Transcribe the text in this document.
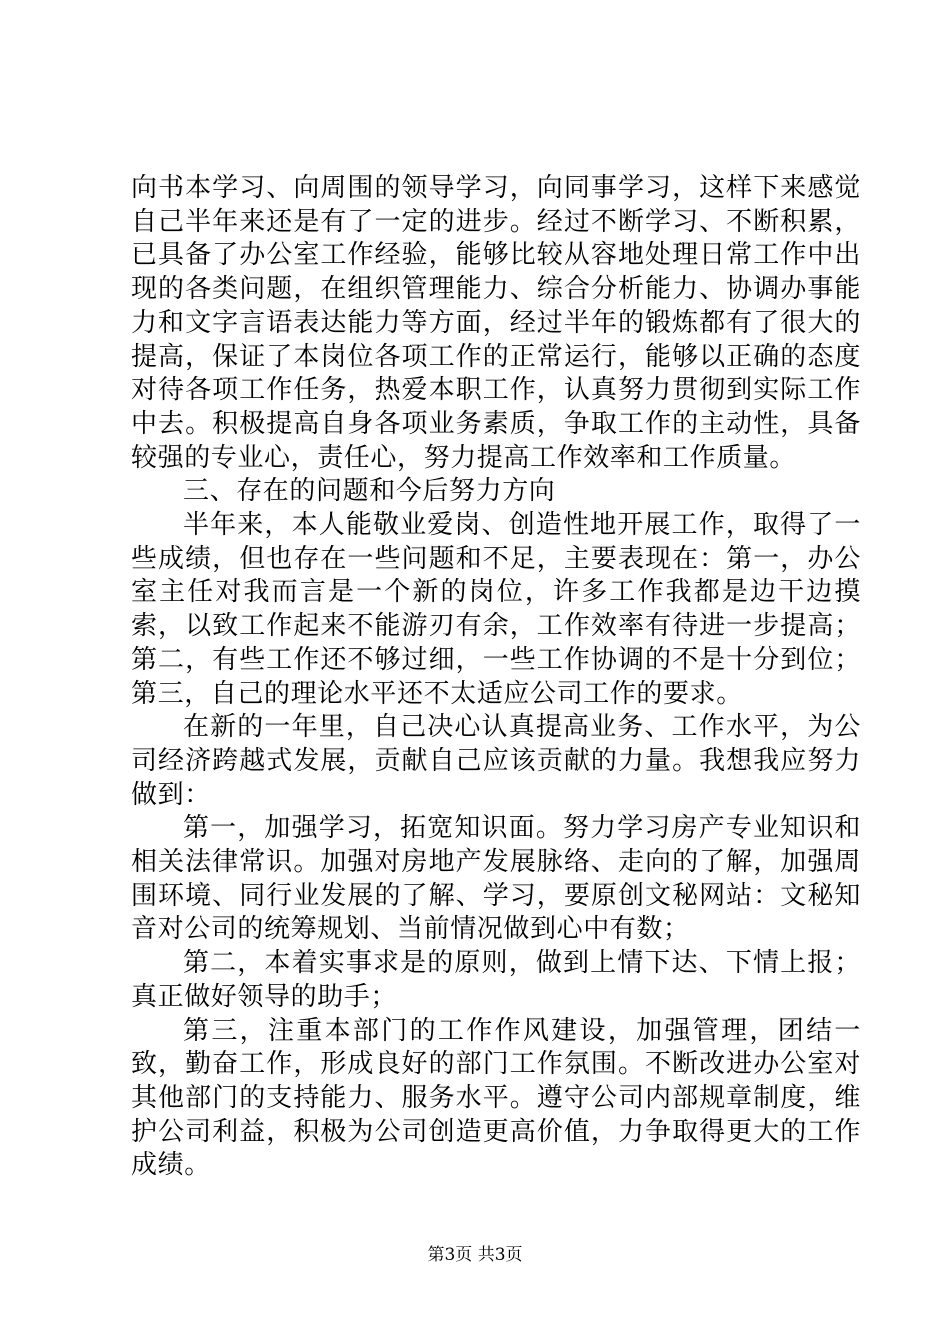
向书本学习、向周围的领导学习，向同事学习，这样下来感觉自己半年来还是有了一定的进步。经过不断学习、不断积累，已具备了办公室工作经验，能够比较从容地处理日常工作中出现的各类问题，在组织管理能力、综合分析能力、协调办事能力和文字言语表达能力等方面，经过半年的锻炼都有了很大的提高，保证了本岗位各项工作的正常运行，能够以正确的态度对待各项工作任务，热爱本职工作，认真努力贯彻到实际工作中去。积极提高自身各项业务素质，争取工作的主动性，具备较强的专业心，责任心，努力提高工作效率和工作质量。

三、存在的问题和今后努力方向

半年来，本人能敬业爱岗、创造性地开展工作，取得了一些成绩，但也存在一些问题和不足，主要表现在：第一，办公室主任对我而言是一个新的岗位，许多工作我都是边干边摸索，以致工作起来不能游刃有余，工作效率有待进一步提高；第二，有些工作还不够过细，一些工作协调的不是十分到位；第三，自己的理论水平还不太适应公司工作的要求。

在新的一年里，自己决心认真提高业务、工作水平，为公司经济跨越式发展，贡献自己应该贡献的力量。我想我应努力做到：

第一，加强学习，拓宽知识面。努力学习房产专业知识和相关法律常识。加强对房地产发展脉络、走向的了解，加强周围环境、同行业发展的了解、学习，要原创文秘网站：文秘知音对公司的统筹规划、当前情况做到心中有数；

第二，本着实事求是的原则，做到上情下达、下情上报；真正做好领导的助手；

第三，注重本部门的工作作风建设，加强管理，团结一致，勤奋工作，形成良好的部门工作氛围。不断改进办公室对其他部门的支持能力、服务水平。遵守公司内部规章制度，维护公司利益，积极为公司创造更高价值，力争取得更大的工作成绩。

第3页 共3页
